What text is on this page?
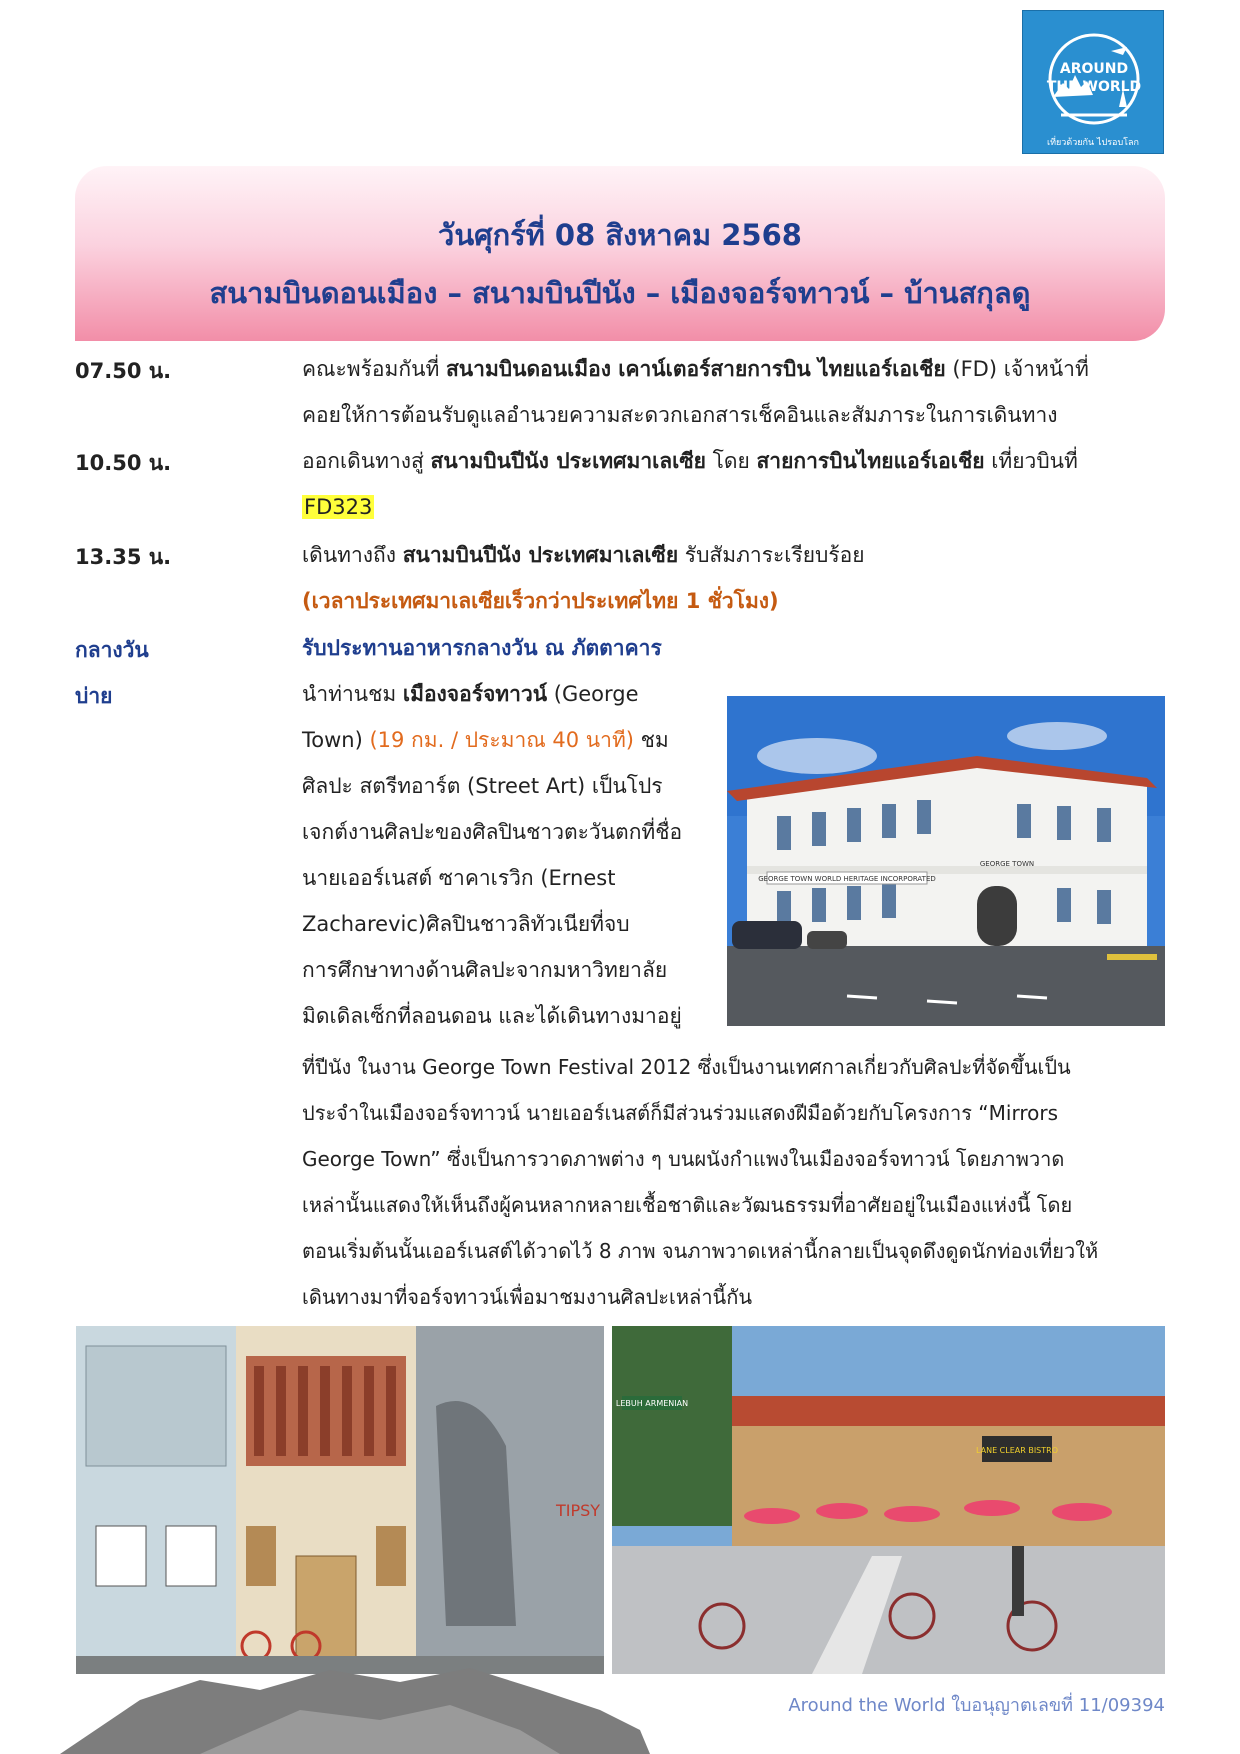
AROUND
THE WORLD
เที่ยวด้วยกัน ไปรอบโลก
วันศุกร์ที่ 08 สิงหาคม 2568
สนามบินดอนเมือง – สนามบินปีนัง – เมืองจอร์จทาวน์ – บ้านสกุลดู
07.50 น.	คณะพร้อมกันที่ สนามบินดอนเมือง เคาน์เตอร์สายการบิน ไทยแอร์เอเชีย (FD) เจ้าหน้าที่
คอยให้การต้อนรับดูแลอำนวยความสะดวกเอกสารเช็คอินและสัมภาระในการเดินทาง
10.50 น.	ออกเดินทางสู่ สนามบินปีนัง ประเทศมาเลเซีย โดย สายการบินไทยแอร์เอเชีย เที่ยวบินที่
FD323
13.35 น.	เดินทางถึง สนามบินปีนัง ประเทศมาเลเซีย รับสัมภาระเรียบร้อย
(เวลาประเทศมาเลเซียเร็วกว่าประเทศไทย 1 ชั่วโมง)
กลางวัน	รับประทานอาหารกลางวัน ณ ภัตตาคาร
บ่าย	นำท่านชม เมืองจอร์จทาวน์ (George
Town) (19 กม. / ประมาณ 40 นาที) ชม
ศิลปะ สตรีทอาร์ต (Street Art) เป็นโปร
เจกต์งานศิลปะของศิลปินชาวตะวันตกที่ชื่อ
นายเออร์เนสต์ ซาคาเรวิก (Ernest
Zacharevic)ศิลปินชาวลิทัวเนียที่จบ
การศึกษาทางด้านศิลปะจากมหาวิทยาลัย
มิดเดิลเซ็กที่ลอนดอน และได้เดินทางมาอยู่
ที่ปีนัง ในงาน George Town Festival 2012 ซึ่งเป็นงานเทศกาลเกี่ยวกับศิลปะที่จัดขึ้นเป็น
ประจำในเมืองจอร์จทาวน์ นายเออร์เนสต์ก็มีส่วนร่วมแสดงฝีมือด้วยกับโครงการ “Mirrors
George Town” ซึ่งเป็นการวาดภาพต่าง ๆ บนผนังกำแพงในเมืองจอร์จทาวน์ โดยภาพวาด
เหล่านั้นแสดงให้เห็นถึงผู้คนหลากหลายเชื้อชาติและวัฒนธรรมที่อาศัยอยู่ในเมืองแห่งนี้ โดย
ตอนเริ่มต้นนั้นเออร์เนสต์ได้วาดไว้ 8 ภาพ จนภาพวาดเหล่านี้กลายเป็นจุดดึงดูดนักท่องเที่ยวให้
เดินทางมาที่จอร์จทาวน์เพื่อมาชมงานศิลปะเหล่านี้กัน
GEORGE TOWN WORLD HERITAGE INCORPORATED
GEORGE TOWN
TIPSY
LEBUH ARMENIAN
LANE CLEAR BISTRO
Around the World ใบอนุญาตเลขที่ 11/09394
